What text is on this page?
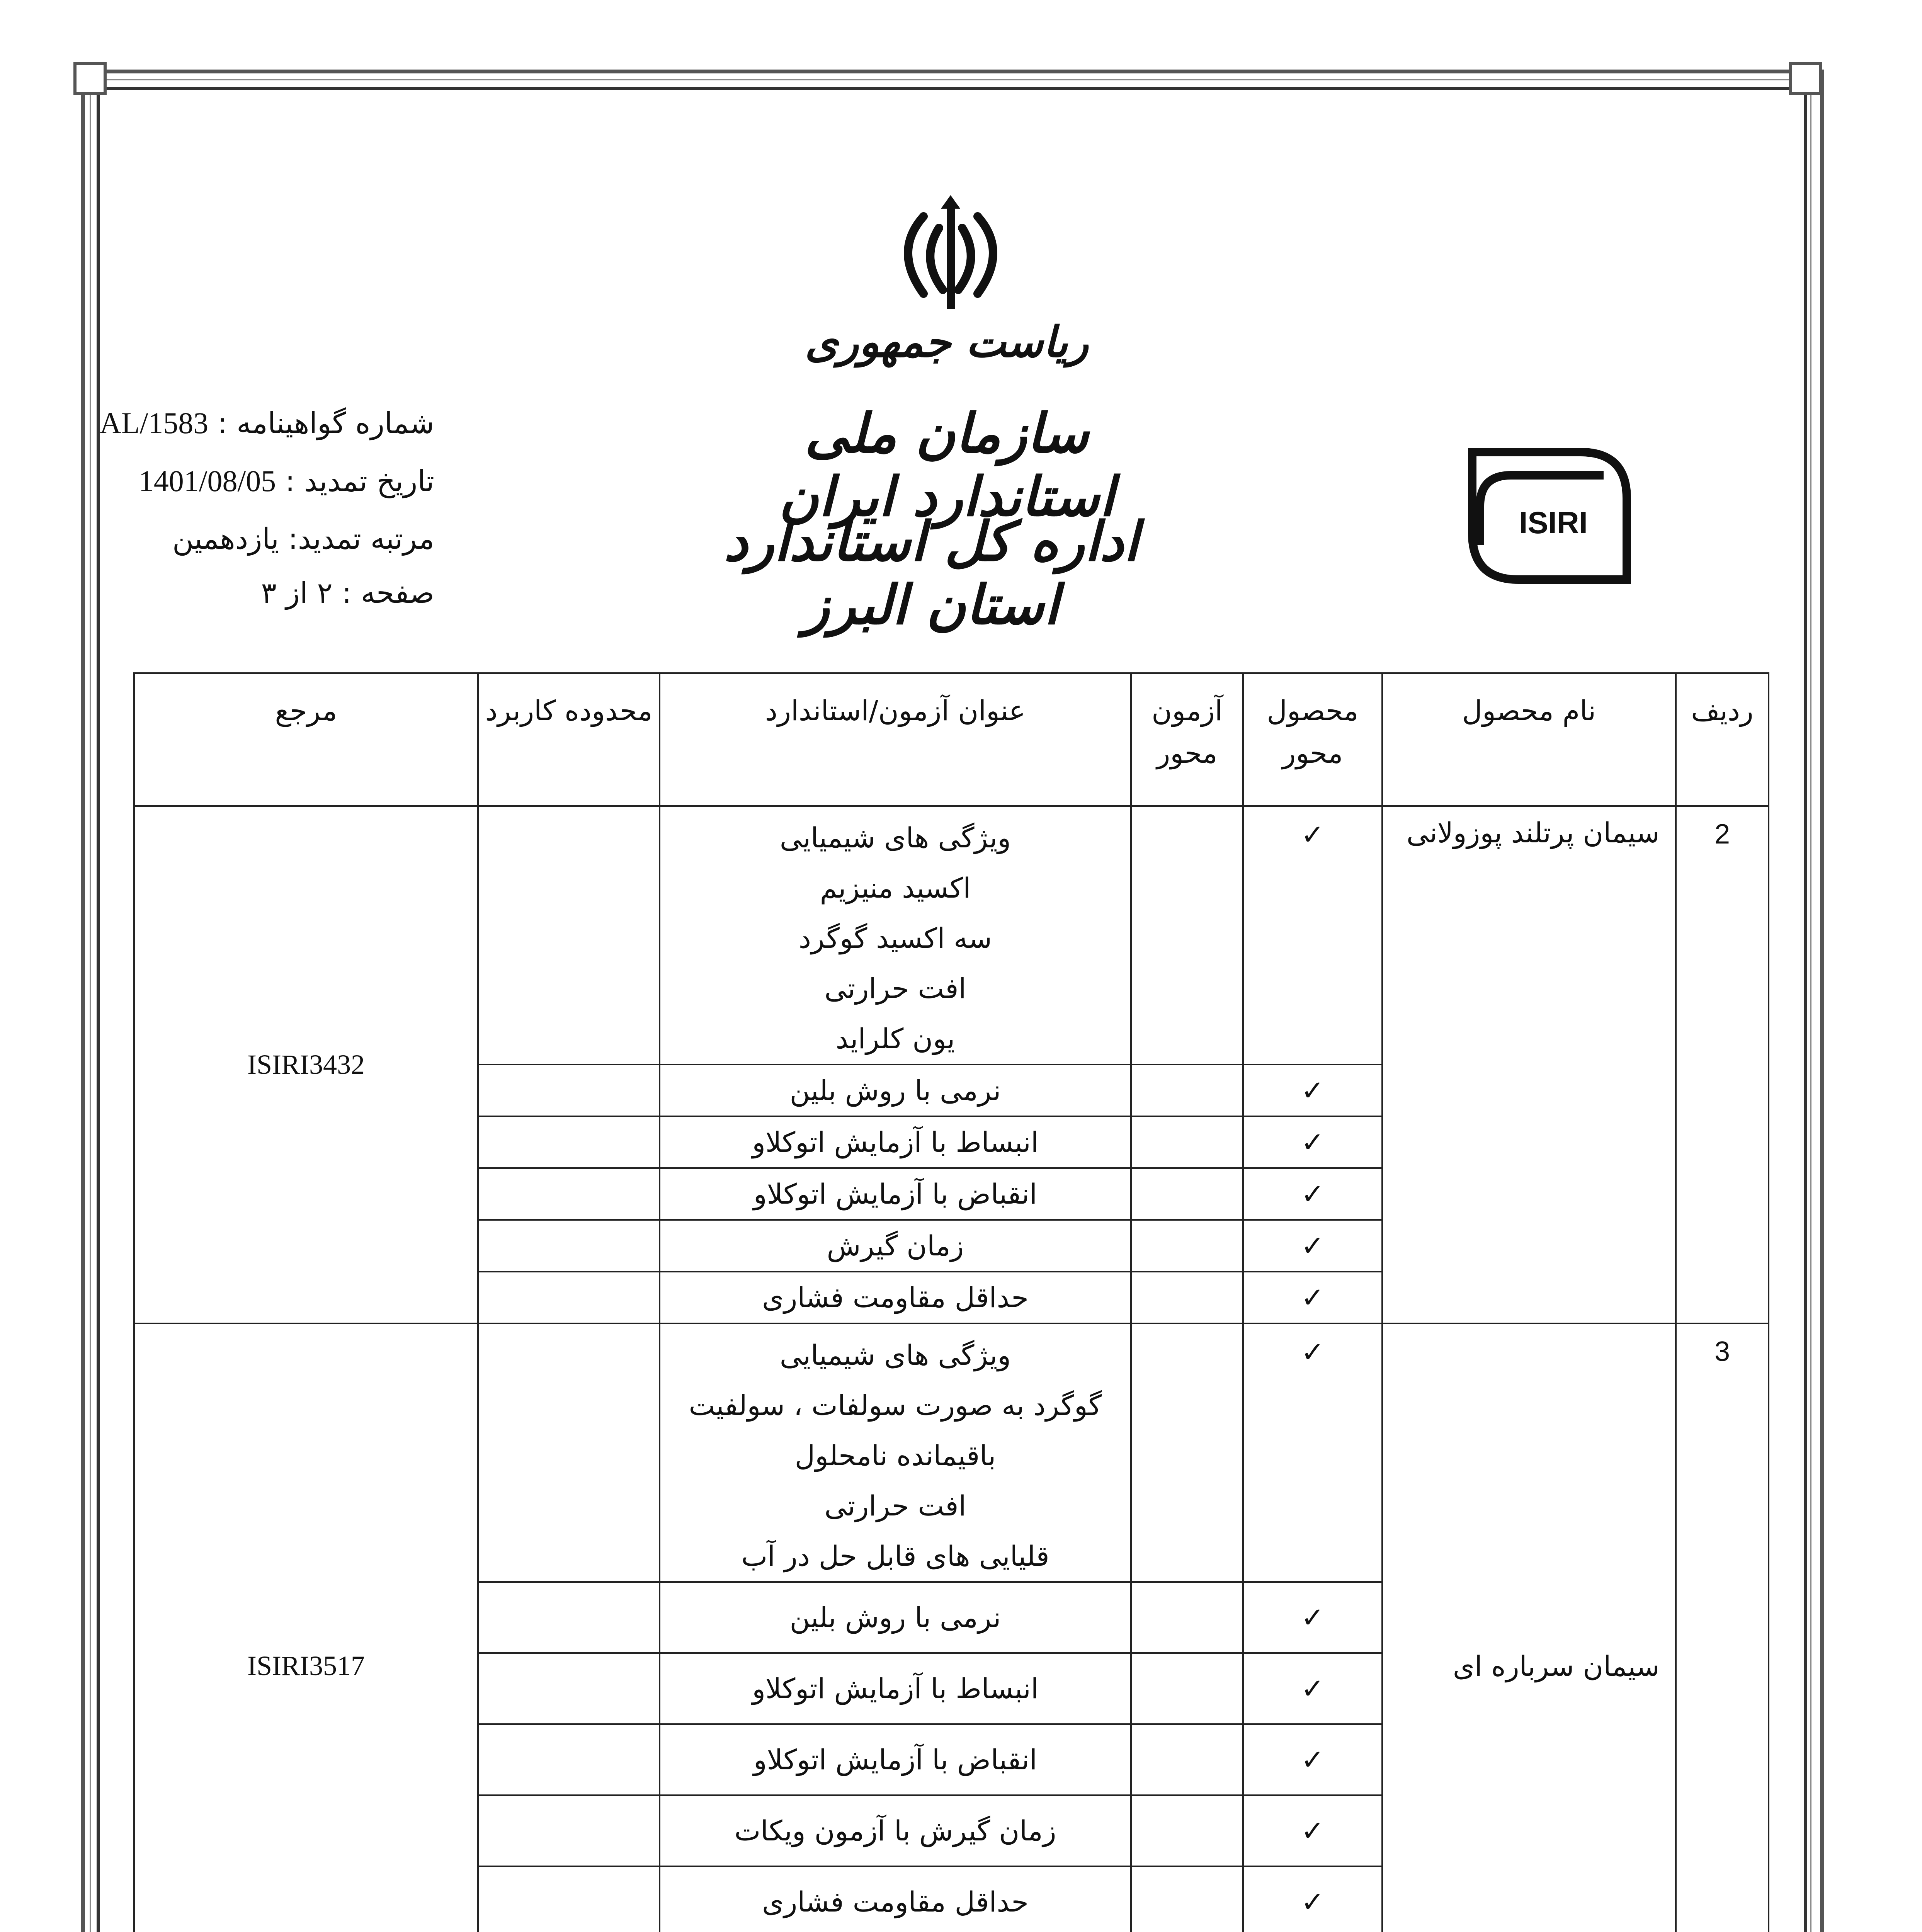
ریاست جمهوری
سازمان ملی استاندارد ایران
اداره کل استاندارد استان البرز
ISIRI
شماره گواهینامه : AL/1583
تاریخ تمدید : 1401/08/05
مرتبه تمدید: یازدهمین
صفحه : ۲ از ۳
ردیف	نام محصول	محصول محور	آزمون محور	عنوان آزمون/استاندارد	محدوده کاربرد	مرجع
2	سیمان پرتلند پوزولانی	✓		ویژگی های شیمیایی
اکسید منیزیم
سه اکسید گوگرد
افت حرارتی
یون کلراید		ISIRI3432
		✓		نرمی با روش بلین		
		✓		انبساط با آزمایش اتوکلاو		
		✓		انقباض با آزمایش اتوکلاو		
		✓		زمان گیرش		
		✓		حداقل مقاومت فشاری		
3	سیمان سرباره ای	✓		ویژگی های شیمیایی
گوگرد به صورت سولفات ، سولفیت
باقیمانده نامحلول
افت حرارتی
قلیایی های قابل حل در آب		ISIRI3517
		✓		نرمی با روش بلین		
		✓		انبساط با آزمایش اتوکلاو		
		✓		انقباض با آزمایش اتوکلاو		
		✓		زمان گیرش با آزمون ویکات		
		✓		حداقل مقاومت فشاری		
